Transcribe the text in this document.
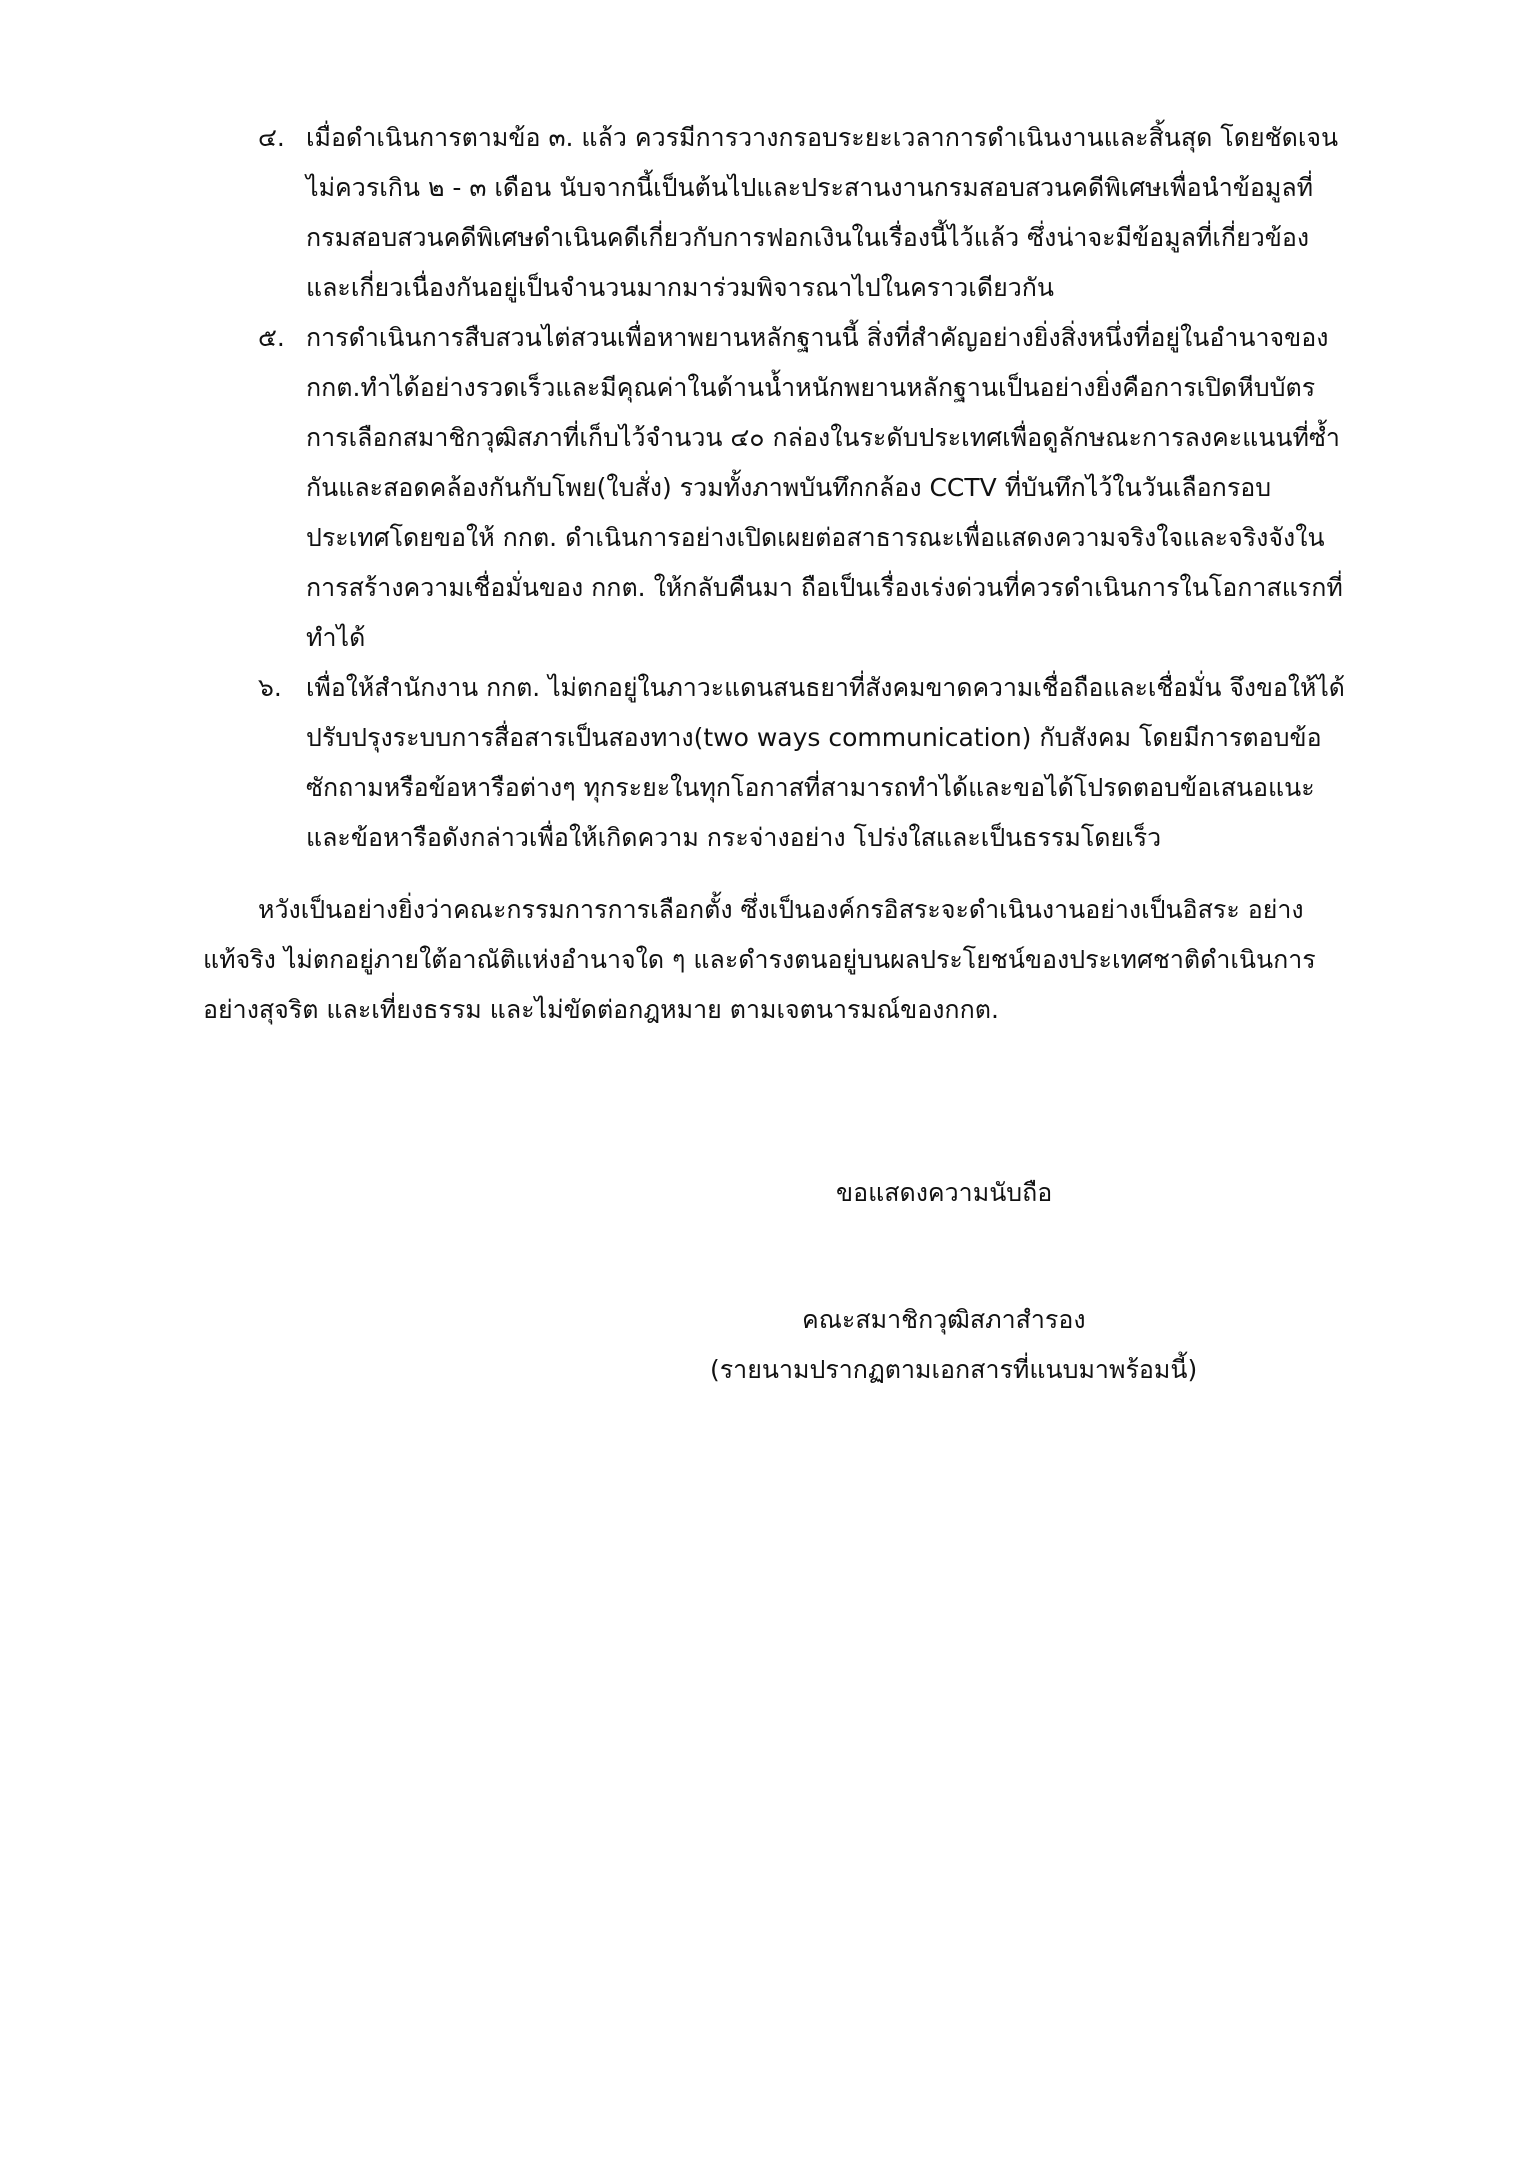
๔. เมื่อดำเนินการตามข้อ ๓. แล้ว ควรมีการวางกรอบระยะเวลาการดำเนินงานและสิ้นสุด โดยชัดเจน
ไม่ควรเกิน ๒ - ๓ เดือน นับจากนี้เป็นต้นไปและประสานงานกรมสอบสวนคดีพิเศษเพื่อนำข้อมูลที่
กรมสอบสวนคดีพิเศษดำเนินคดีเกี่ยวกับการฟอกเงินในเรื่องนี้ไว้แล้ว ซึ่งน่าจะมีข้อมูลที่เกี่ยวข้อง
และเกี่ยวเนื่องกันอยู่เป็นจำนวนมากมาร่วมพิจารณาไปในคราวเดียวกัน
๕. การดำเนินการสืบสวนไต่สวนเพื่อหาพยานหลักฐานนี้ สิ่งที่สำคัญอย่างยิ่งสิ่งหนึ่งที่อยู่ในอำนาจของ
กกต.ทำได้อย่างรวดเร็วและมีคุณค่าในด้านน้ำหนักพยานหลักฐานเป็นอย่างยิ่งคือการเปิดหีบบัตร
การเลือกสมาชิกวุฒิสภาที่เก็บไว้จำนวน ๔๐ กล่องในระดับประเทศเพื่อดูลักษณะการลงคะแนนที่ซ้ำ
กันและสอดคล้องกันกับโพย(ใบสั่ง) รวมทั้งภาพบันทึกกล้อง CCTV ที่บันทึกไว้ในวันเลือกรอบ
ประเทศโดยขอให้ กกต. ดำเนินการอย่างเปิดเผยต่อสาธารณะเพื่อแสดงความจริงใจและจริงจังใน
การสร้างความเชื่อมั่นของ กกต. ให้กลับคืนมา ถือเป็นเรื่องเร่งด่วนที่ควรดำเนินการในโอกาสแรกที่
ทำได้
๖. เพื่อให้สำนักงาน กกต. ไม่ตกอยู่ในภาวะแดนสนธยาที่สังคมขาดความเชื่อถือและเชื่อมั่น จึงขอให้ได้
ปรับปรุงระบบการสื่อสารเป็นสองทาง(two ways communication) กับสังคม โดยมีการตอบข้อ
ซักถามหรือข้อหารือต่างๆ ทุกระยะในทุกโอกาสที่สามารถทำได้และขอได้โปรดตอบข้อเสนอแนะ
และข้อหารือดังกล่าวเพื่อให้เกิดความ กระจ่างอย่าง โปร่งใสและเป็นธรรมโดยเร็ว
หวังเป็นอย่างยิ่งว่าคณะกรรมการการเลือกตั้ง ซึ่งเป็นองค์กรอิสระจะดำเนินงานอย่างเป็นอิสระ อย่าง
แท้จริง ไม่ตกอยู่ภายใต้อาณัติแห่งอำนาจใด ๆ และดำรงตนอยู่บนผลประโยชน์ของประเทศชาติดำเนินการ
อย่างสุจริต และเที่ยงธรรม และไม่ขัดต่อกฎหมาย ตามเจตนารมณ์ของกกต.
ขอแสดงความนับถือ
คณะสมาชิกวุฒิสภาสำรอง
(รายนามปรากฏตามเอกสารที่แนบมาพร้อมนี้)
